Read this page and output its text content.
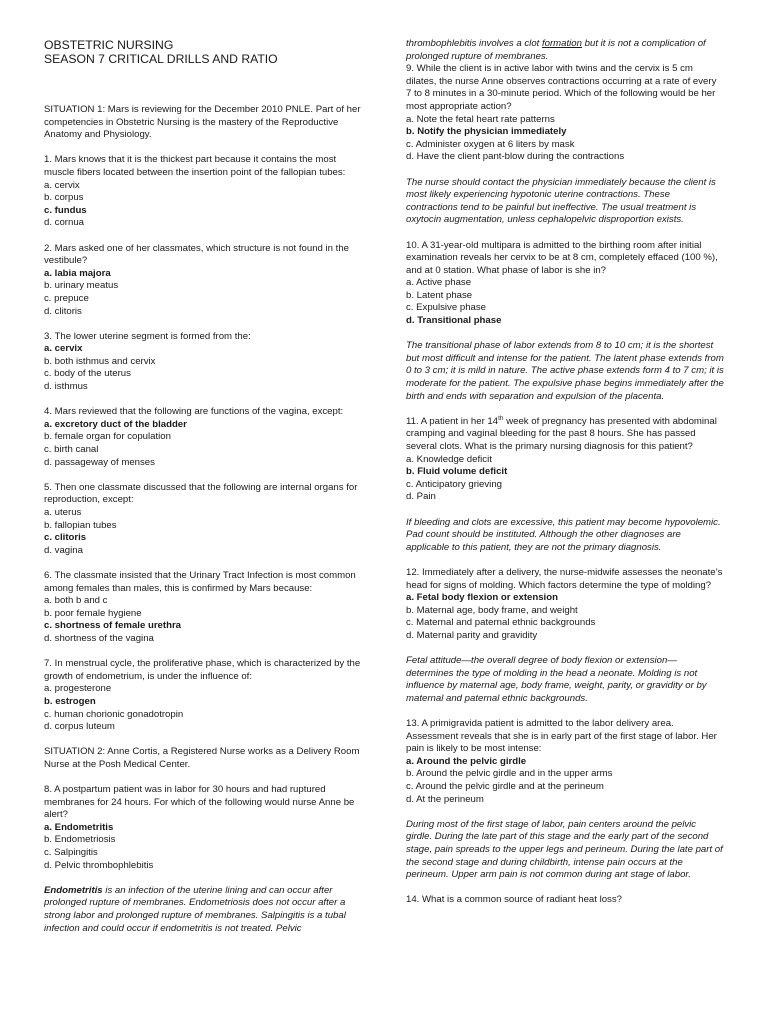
OBSTETRIC NURSING
SEASON 7 CRITICAL DRILLS AND RATIO

SITUATION 1: Mars is reviewing for the December 2010 PNLE. Part of her competencies in Obstetric Nursing is the mastery of the Reproductive Anatomy and Physiology.

1. Mars knows that it is the thickest part because it contains the most muscle fibers located between the insertion point of the fallopian tubes:

a. cervix
b. corpus
c. fundus
d. cornua

2. Mars asked one of her classmates, which structure is not found in the vestibule?

a. labia majora
b. urinary meatus
c. prepuce
d. clitoris

3. The lower uterine segment is formed from the:

a. cervix
b. both isthmus and cervix
c. body of the uterus
d. isthmus

4. Mars reviewed that the following are functions of the vagina, except:

a. excretory duct of the bladder
b. female organ for copulation
c. birth canal
d. passageway of menses

5. Then one classmate discussed that the following are internal organs for reproduction, except:

a. uterus
b. fallopian tubes
c. clitoris
d. vagina

6. The classmate insisted that the Urinary Tract Infection is most common among females than males, this is confirmed by Mars because:

a. both b and c
b. poor female hygiene
c. shortness of female urethra
d. shortness of the vagina

7. In menstrual cycle, the proliferative phase, which is characterized by the growth of endometrium, is under the influence of:

a. progesterone
b. estrogen
c. human chorionic gonadotropin
d. corpus luteum

SITUATION 2: Anne Cortis, a Registered Nurse works as a Delivery Room Nurse at the Posh Medical Center.

8. A postpartum patient was in labor for 30 hours and had ruptured membranes for 24 hours. For which of the following would nurse Anne be alert?

a. Endometritis
b. Endometriosis
c. Salpingitis
d. Pelvic thrombophlebitis

Endometritis is an infection of the uterine lining and can occur after prolonged rupture of membranes. Endometriosis does not occur after a strong labor and prolonged rupture of membranes. Salpingitis is a tubal infection and could occur if endometritis is not treated. Pelvic

thrombophlebitis involves a clot formation but it is not a complication of prolonged rupture of membranes.

9. While the client is in active labor with twins and the cervix is 5 cm dilates, the nurse Anne observes contractions occurring at a rate of every 7 to 8 minutes in a 30-minute period. Which of the following would be her most appropriate action?

a. Note the fetal heart rate patterns
b. Notify the physician immediately
c. Administer oxygen at 6 liters by mask
d. Have the client pant-blow during the contractions

The nurse should contact the physician immediately because the client is most likely experiencing hypotonic uterine contractions. These contractions tend to be painful but ineffective. The usual treatment is oxytocin augmentation, unless cephalopelvic disproportion exists.

10. A 31-year-old multipara is admitted to the birthing room after initial examination reveals her cervix to be at 8 cm, completely effaced (100 %), and at 0 station. What phase of labor is she in?

a. Active phase
b. Latent phase
c. Expulsive phase
d. Transitional phase

The transitional phase of labor extends from 8 to 10 cm; it is the shortest but most difficult and intense for the patient. The latent phase extends from 0 to 3 cm; it is mild in nature. The active phase extends form 4 to 7 cm; it is moderate for the patient. The expulsive phase begins immediately after the birth and ends with separation and expulsion of the placenta.

11. A patient in her 14th week of pregnancy has presented with abdominal cramping and vaginal bleeding for the past 8 hours. She has passed several clots. What is the primary nursing diagnosis for this patient?

a. Knowledge deficit
b. Fluid volume deficit
c. Anticipatory grieving
d. Pain

If bleeding and clots are excessive, this patient may become hypovolemic. Pad count should be instituted. Although the other diagnoses are applicable to this patient, they are not the primary diagnosis.

12. Immediately after a delivery, the nurse-midwife assesses the neonate’s head for signs of molding. Which factors determine the type of molding?

a. Fetal body flexion or extension
b. Maternal age, body frame, and weight
c. Maternal and paternal ethnic backgrounds
d. Maternal parity and gravidity

Fetal attitude—the overall degree of body flexion or extension—determines the type of molding in the head a neonate. Molding is not influence by maternal age, body frame, weight, parity, or gravidity or by maternal and paternal ethnic backgrounds.

13. A primigravida patient is admitted to the labor delivery area. Assessment reveals that she is in early part of the first stage of labor. Her pain is likely to be most intense:

a. Around the pelvic girdle
b. Around the pelvic girdle and in the upper arms
c. Around the pelvic girdle and at the perineum
d. At the perineum

During most of the first stage of labor, pain centers around the pelvic girdle. During the late part of this stage and the early part of the second stage, pain spreads to the upper legs and perineum. During the late part of the second stage and during childbirth, intense pain occurs at the perineum. Upper arm pain is not common during ant stage of labor.

14. What is a common source of radiant heat loss?
